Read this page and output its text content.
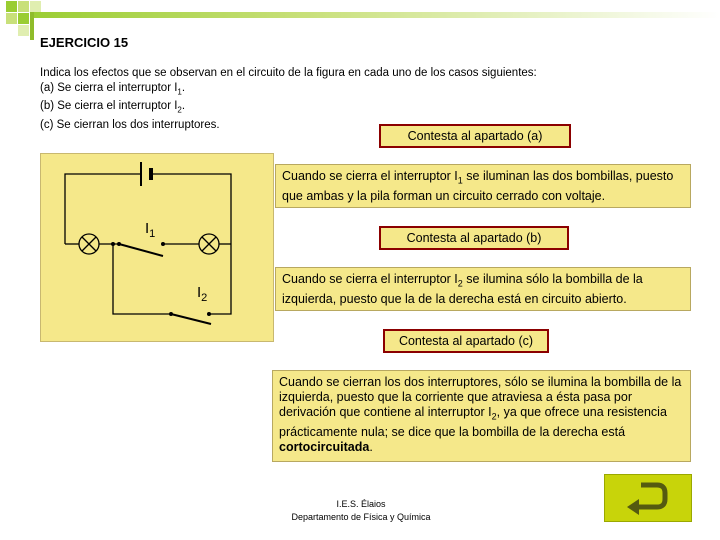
EJERCICIO 15
Indica los efectos que se observan en el circuito de la figura en cada uno de los casos siguientes:
(a) Se cierra el interruptor $I_1$.
(b) Se cierra el interruptor $I_2$.
(c) Se cierran los dos interruptores.
$I_1$
$I_2$
Contesta al apartado (a)
Cuando se cierra el interruptor $I_1$ se iluminan las dos bombillas, puesto que ambas y la pila forman un circuito cerrado con voltaje.
Contesta al apartado (b)
Cuando se cierra el interruptor $I_2$ se ilumina sólo la bombilla de la izquierda, puesto que la de la derecha está en circuito abierto.
Contesta al apartado (c)
Cuando se cierran los dos interruptores, sólo se ilumina la bombilla de la izquierda, puesto que la corriente que atraviesa a ésta pasa por derivación que contiene al interruptor $I_2$, ya que ofrece una resistencia prácticamente nula; se dice que la bombilla de la derecha está cortocircuitada.
I.E.S. Élaios
Departamento de Física y Química
